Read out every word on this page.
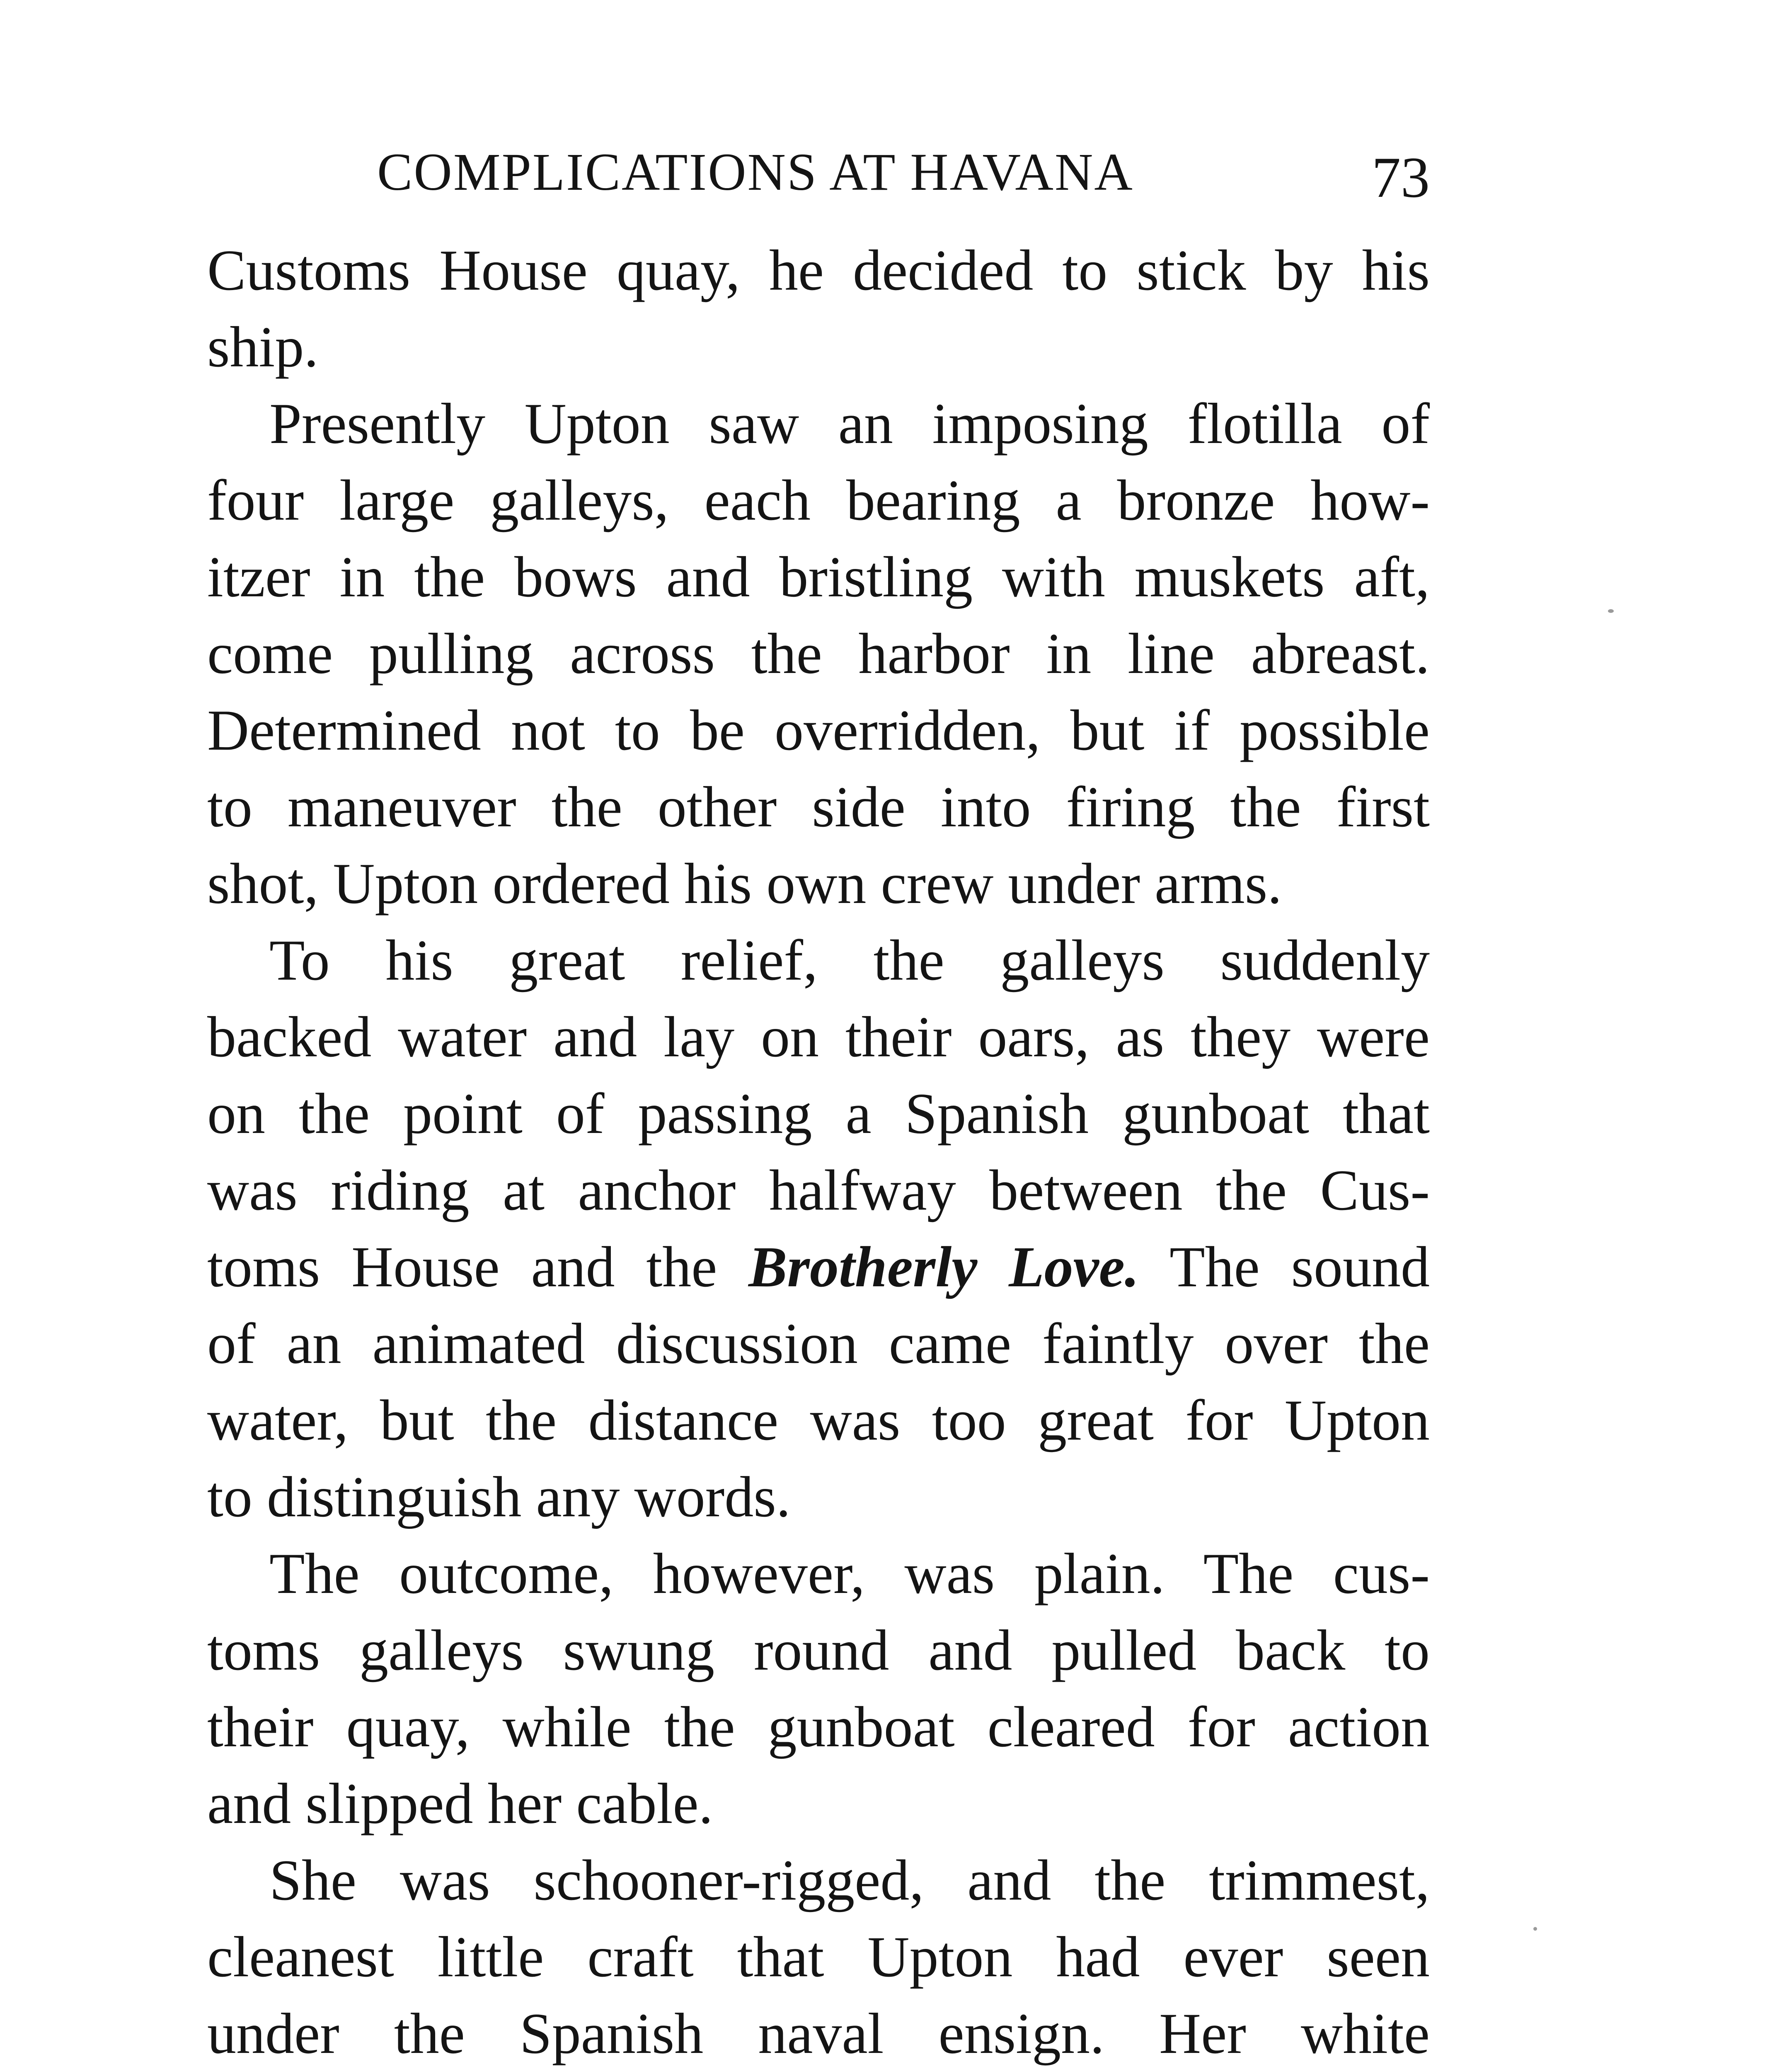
COMPLICATIONS AT HAVANA	73
Customs House quay, he decided to stick by his
ship.
Presently Upton saw an imposing flotilla of
four large galleys, each bearing a bronze how-
itzer in the bows and bristling with muskets aft,
come pulling across the harbor in line abreast.
Determined not to be overridden, but if possible
to maneuver the other side into firing the first
shot, Upton ordered his own crew under arms.
To his great relief, the galleys suddenly
backed water and lay on their oars, as they were
on the point of passing a Spanish gunboat that
was riding at anchor halfway between the Cus-
toms House and the Brotherly Love. The sound
of an animated discussion came faintly over the
water, but the distance was too great for Upton
to distinguish any words.
The outcome, however, was plain. The cus-
toms galleys swung round and pulled back to
their quay, while the gunboat cleared for action
and slipped her cable.
She was schooner-rigged, and the trimmest,
cleanest little craft that Upton had ever seen
under the Spanish naval ensign. Her white
